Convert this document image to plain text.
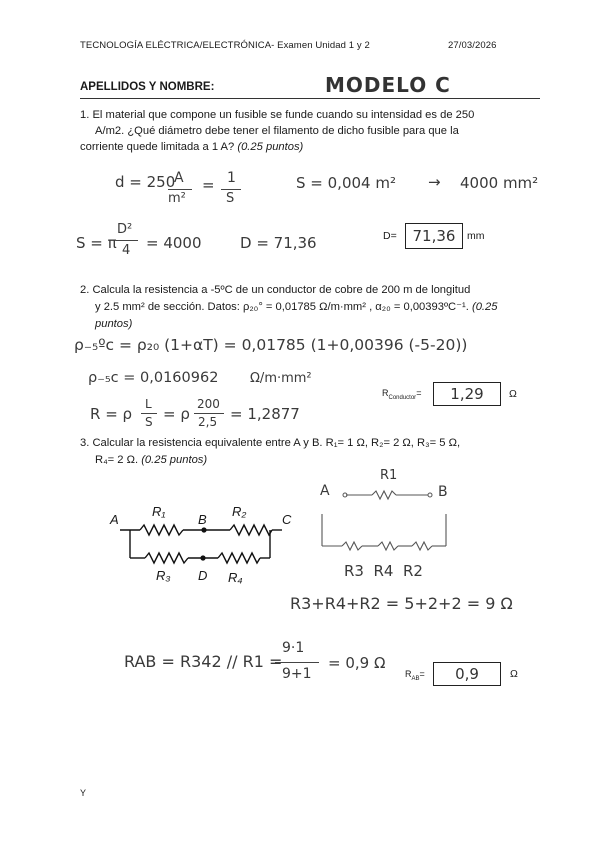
TECNOLOGÍA ELÉCTRICA/ELECTRÓNICA- Examen Unidad 1 y 2	27/03/2026
APELLIDOS Y NOMBRE:	MODELO C
1. El material que compone un fusible se funde cuando su intensidad es de 250
A/m2. ¿Qué diámetro debe tener el filamento de dicho fusible para que la
corriente quede limitada a 1 A? (0.25 puntos)
d = 250
A
m²
= 1
S
S = 0,004 m² → 4000 mm²
S = π
D²
4 = 4000	D = 71,36	D=	71,36	mm
2. Calcula la resistencia a -5ºC de un conductor de cobre de 200 m de longitud
y 2.5 mm² de sección. Datos: ρ₂₀° = 0,01785 Ω/m·mm² , α₂₀ = 0,00393ºC⁻¹. (0.25
puntos)
ρ₋₅ºc = ρ₂₀ (1+αT) = 0,01785 (1+0,00396 (-5-20))
ρ₋₅c = 0,0160962 Ω/m·mm²
R = ρ
L
S = ρ
200
2,5 = 1,2877
$R_{Conductor}=$	1,29	Ω
3. Calcular la resistencia equivalente entre A y B. R₁= 1 Ω, R₂= 2 Ω, R₃= 5 Ω,
R₄= 2 Ω. (0.25 puntos)
A	B	C
D
R₁	R₂
R₃	R₄
A	B
R1
R3  R4  R2
R3+R4+R2 = 5+2+2 = 9 Ω
RAB = R342 // R1 =
9·1
9+1
= 0,9 Ω
$R_{AB}=$	0,9	Ω
Y
